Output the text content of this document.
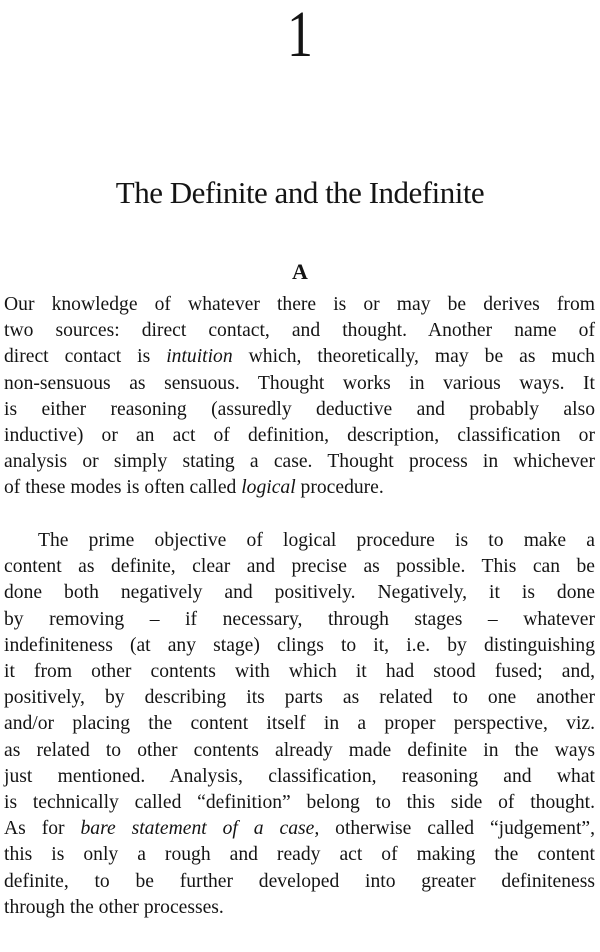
1
The Definite and the Indefinite
A

Our knowledge of whatever there is or may be derives from
two sources: direct contact, and thought. Another name of
direct contact is intuition which, theoretically, may be as much
non-sensuous as sensuous. Thought works in various ways. It
is either reasoning (assuredly deductive and probably also
inductive) or an act of definition, description, classification or
analysis or simply stating a case. Thought process in whichever
of these modes is often called logical procedure.

The prime objective of logical procedure is to make a
content as definite, clear and precise as possible. This can be
done both negatively and positively. Negatively, it is done
by removing – if necessary, through stages – whatever
indefiniteness (at any stage) clings to it, i.e. by distinguishing
it from other contents with which it had stood fused; and,
positively, by describing its parts as related to one another
and/or placing the content itself in a proper perspective, viz.
as related to other contents already made definite in the ways
just mentioned. Analysis, classification, reasoning and what
is technically called “definition” belong to this side of thought.
As for bare statement of a case, otherwise called “judgement”,
this is only a rough and ready act of making the content
definite, to be further developed into greater definiteness
through the other processes.
